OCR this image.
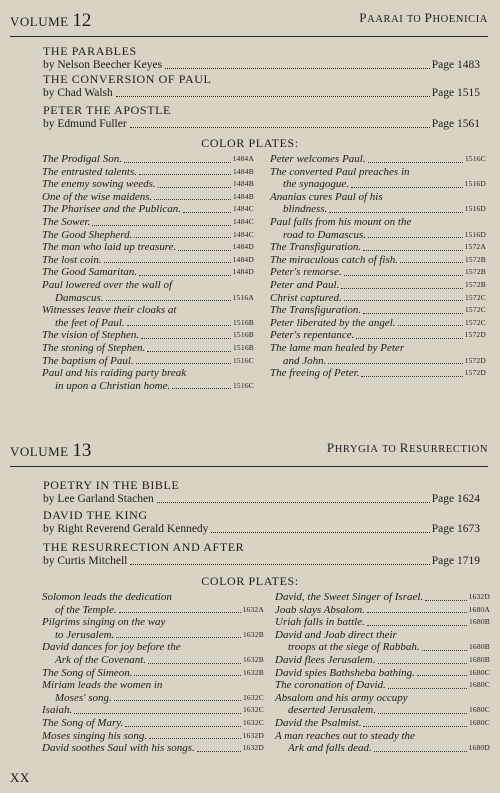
VOLUME 12	PAARAI TO PHOENICIA
THE PARABLES
by Nelson Beecher Keyes	Page 1483
THE CONVERSION OF PAUL
by Chad Walsh	Page 1515
PETER THE APOSTLE
by Edmund Fuller	Page 1561
COLOR PLATES:
The Prodigal Son.	1484A
The entrusted talents.	1484B
The enemy sowing weeds.	1484B
One of the wise maidens.	1484B
The Pharisee and the Publican.	1484C
The Sower.	1484C
The Good Shepherd.	1484C
The man who laid up treasure.	1484D
The lost coin.	1484D
The Good Samaritan.	1484D
Paul lowered over the wall of
Damascus.	1516A
Witnesses leave their cloaks at
the feet of Paul.	1516B
The vision of Stephen.	1516B
The stoning of Stephen.	1516B
The baptism of Paul.	1516C
Paul and his raiding party break
in upon a Christian home.	1516C
Peter welcomes Paul.	1516C
The converted Paul preaches in
the synagogue.	1516D
Ananias cures Paul of his
blindness.	1516D
Paul falls from his mount on the
road to Damascus.	1516D
The Transfiguration.	1572A
The miraculous catch of fish.	1572B
Peter's remorse.	1572B
Peter and Paul.	1572B
Christ captured.	1572C
The Transfiguration.	1572C
Peter liberated by the angel.	1572C
Peter's repentance.	1572D
The lame man healed by Peter
and John.	1572D
The freeing of Peter.	1572D
VOLUME 13	PHRYGIA TO RESURRECTION
POETRY IN THE BIBLE
by Lee Garland Stachen	Page 1624
DAVID THE KING
by Right Reverend Gerald Kennedy	Page 1673
THE RESURRECTION AND AFTER
by Curtis Mitchell	Page 1719
COLOR PLATES:
Solomon leads the dedication
of the Temple.	1632A
Pilgrims singing on the way
to Jerusalem.	1632B
David dances for joy before the
Ark of the Covenant.	1632B
The Song of Simeon.	1632B
Miriam leads the women in
Moses' song.	1632C
Isaiah.	1632C
The Song of Mary.	1632C
Moses singing his song.	1632D
David soothes Saul with his songs.	1632D
David, the Sweet Singer of Israel.	1632D
Joab slays Absalom.	1680A
Uriah falls in battle.	1680B
David and Joab direct their
troops at the siege of Rabbah.	1680B
David flees Jerusalem.	1680B
David spies Bathsheba bathing.	1680C
The coronation of David.	1680C
Absalom and his army occupy
deserted Jerusalem.	1680C
David the Psalmist.	1680C
A man reaches out to steady the
Ark and falls dead.	1680D
XX
